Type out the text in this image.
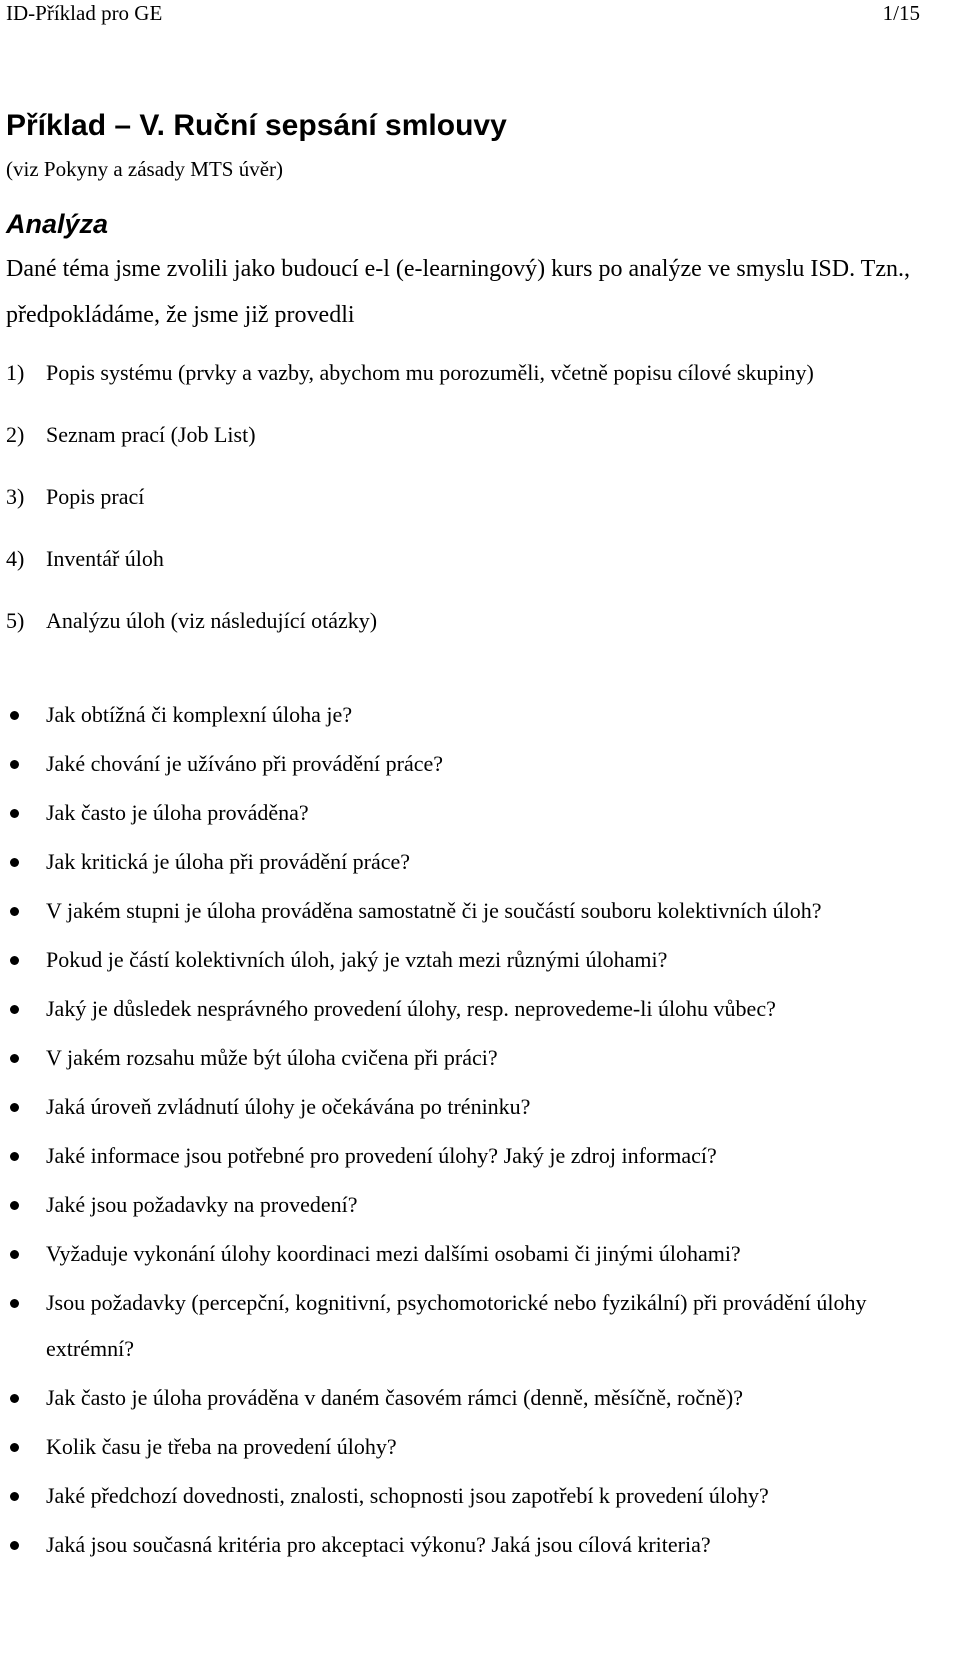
ID-Příklad pro GE	1/15
Příklad – V. Ruční sepsání smlouvy
(viz Pokyny a zásady MTS úvěr)
Analýza

Dané téma jsme zvolili jako budoucí e-l (e-learningový) kurs po analýze ve smyslu ISD. Tzn., předpokládáme, že jsme již provedli

1) Popis systému (prvky a vazby, abychom mu porozuměli, včetně popisu cílové skupiny)
2) Seznam prací (Job List)
3) Popis prací
4) Inventář úloh
5) Analýzu úloh (viz následující otázky)
Jak obtížná či komplexní úloha je?
Jaké chování je užíváno při provádění práce?
Jak často je úloha prováděna?
Jak kritická je úloha při provádění práce?
V jakém stupni je úloha prováděna samostatně či je součástí souboru kolektivních úloh?
Pokud je částí kolektivních úloh, jaký je vztah mezi různými úlohami?
Jaký je důsledek nesprávného provedení úlohy, resp. neprovedeme-li úlohu vůbec?
V jakém rozsahu může být úloha cvičena při práci?
Jaká úroveň zvládnutí úlohy je očekávána po tréninku?
Jaké informace jsou potřebné pro provedení úlohy? Jaký je zdroj informací?
Jaké jsou požadavky na provedení?
Vyžaduje vykonání úlohy koordinaci mezi dalšími osobami či jinými úlohami?
Jsou požadavky (percepční, kognitivní, psychomotorické nebo fyzikální) při provádění úlohy extrémní?
Jak často je úloha prováděna v daném časovém rámci (denně, měsíčně, ročně)?
Kolik času je třeba na provedení úlohy?
Jaké předchozí dovednosti, znalosti, schopnosti jsou zapotřebí k provedení úlohy?
Jaká jsou současná kritéria pro akceptaci výkonu? Jaká jsou cílová kriteria?
